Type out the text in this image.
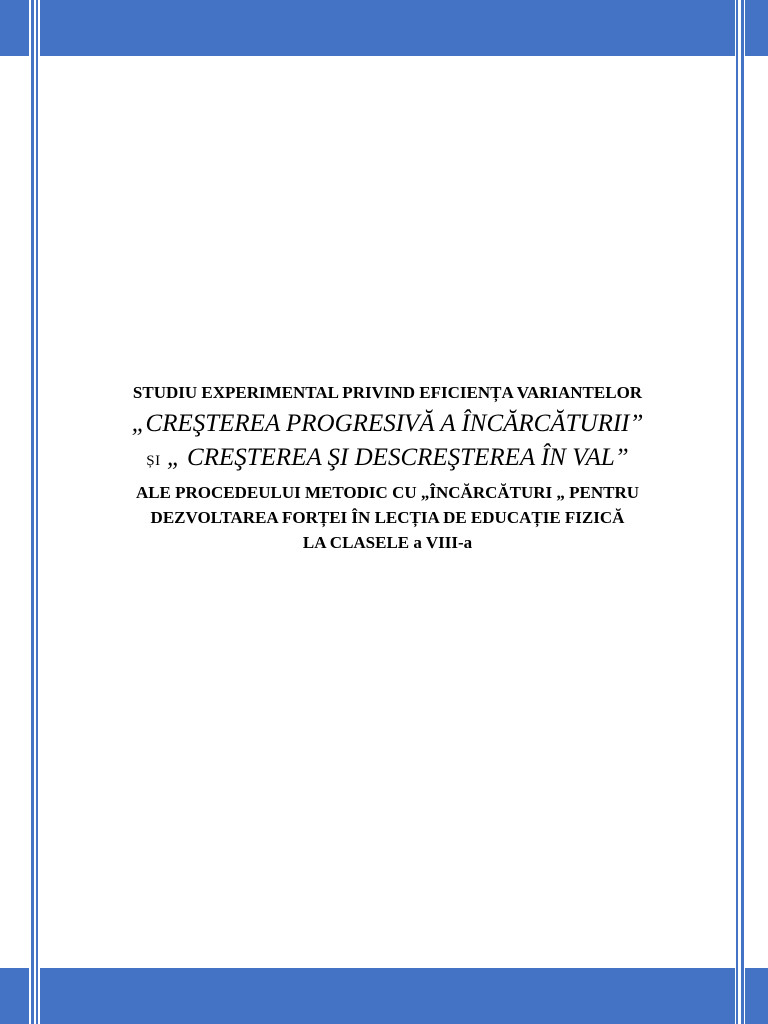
STUDIU EXPERIMENTAL PRIVIND EFICIENȚA VARIANTELOR

„CREŞTEREA PROGRESIVĂ A ÎNCĂRCĂTURII”

ȘI „ CREŞTEREA ŞI DESCREŞTEREA ÎN VAL”

ALE PROCEDEULUI METODIC CU „ÎNCĂRCĂTURI „ PENTRU

DEZVOLTAREA FORȚEI ÎN LECȚIA DE EDUCAȚIE FIZICĂ

LA CLASELE a VIII-a
